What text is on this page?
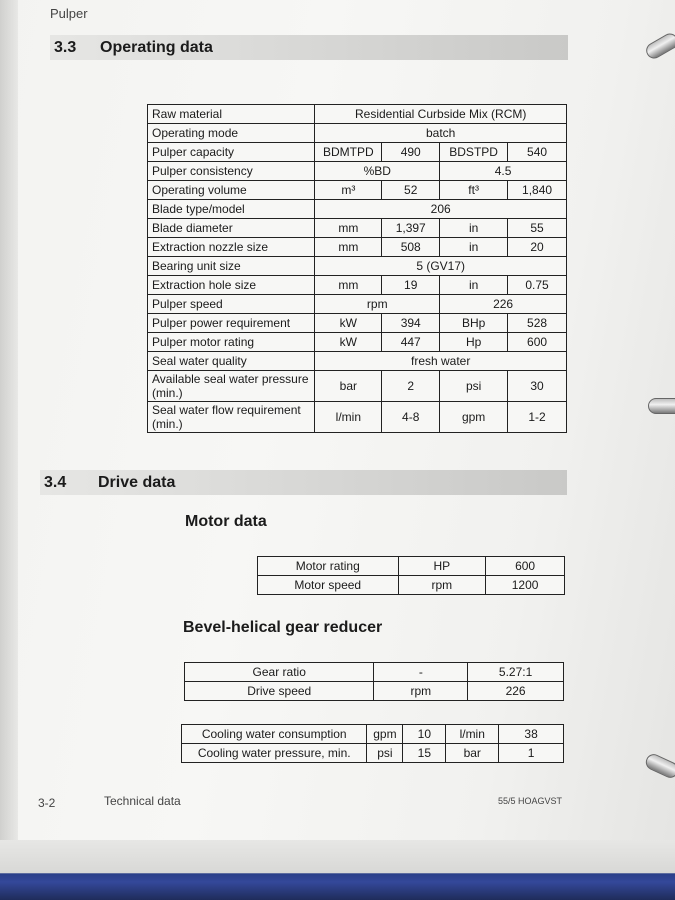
Pulper
3.3	Operating data
Raw material	Residential Curbside Mix (RCM)			
Operating mode	batch			
Pulper capacity	BDMTPD	490	BDSTPD	540
Pulper consistency	%BD		4.5	
Operating volume	m³	52	ft³	1,840
Blade type/model	206			
Blade diameter	mm	1,397	in	55
Extraction nozzle size	mm	508	in	20
Bearing unit size	5 (GV17)			
Extraction hole size	mm	19	in	0.75
Pulper speed	rpm		226	
Pulper power requirement	kW	394	BHp	528
Pulper motor rating	kW	447	Hp	600
Seal water quality	fresh water			
Available seal water pressure (min.)	bar	2	psi	30
Seal water flow requirement (min.)	l/min	4-8	gpm	1-2
3.4	Drive data
Motor data
Motor rating	HP	600
Motor speed	rpm	1200
Bevel-helical gear reducer
Gear ratio	-	5.27:1
Drive speed	rpm	226
Cooling water consumption	gpm	10	l/min	38
Cooling water pressure, min.	psi	15	bar	1
3-2	Technical data	55/5 HOAGVST
